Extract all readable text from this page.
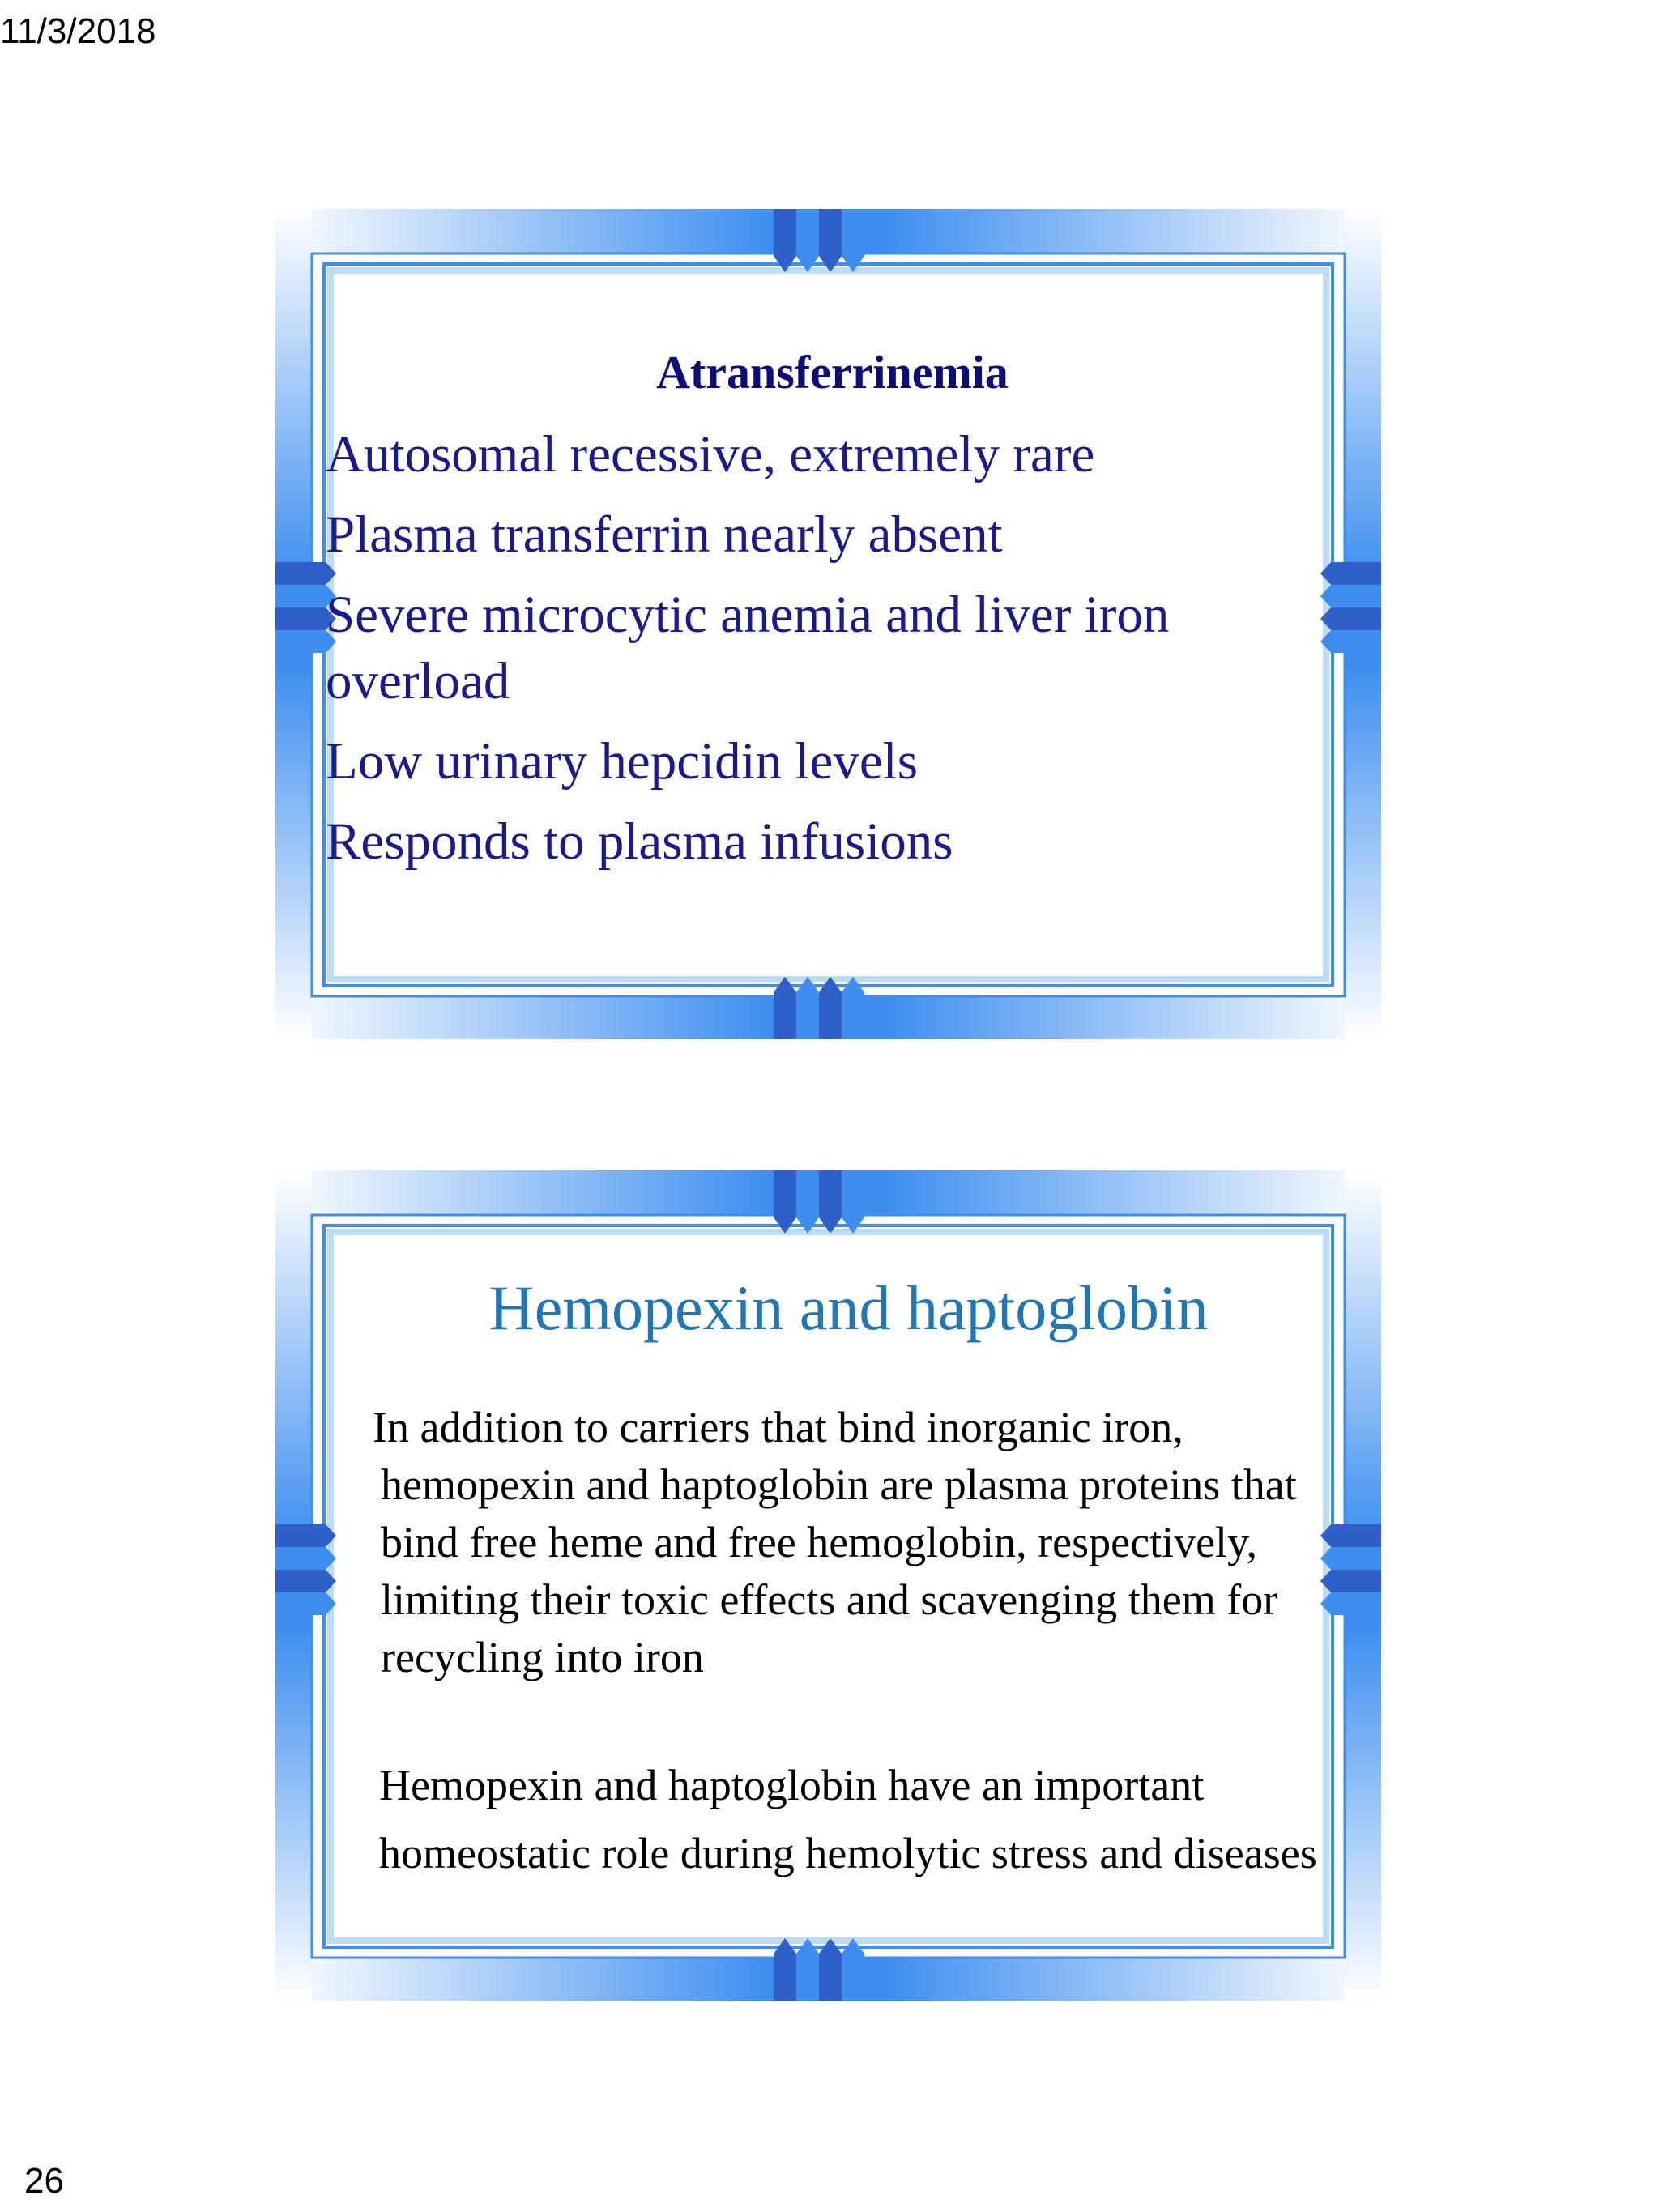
11/3/2018
Atransferrinemia
Autosomal recessive, extremely rare
Plasma transferrin nearly absent
Severe microcytic anemia and liver iron overload
Low urinary hepcidin levels
Responds to plasma infusions
Hemopexin and haptoglobin

In addition to carriers that bind inorganic iron, hemopexin and haptoglobin are plasma proteins that bind free heme and free hemoglobin, respectively, limiting their toxic effects and scavenging them for recycling into iron

Hemopexin and haptoglobin have an important homeostatic role during hemolytic stress and diseases

26
